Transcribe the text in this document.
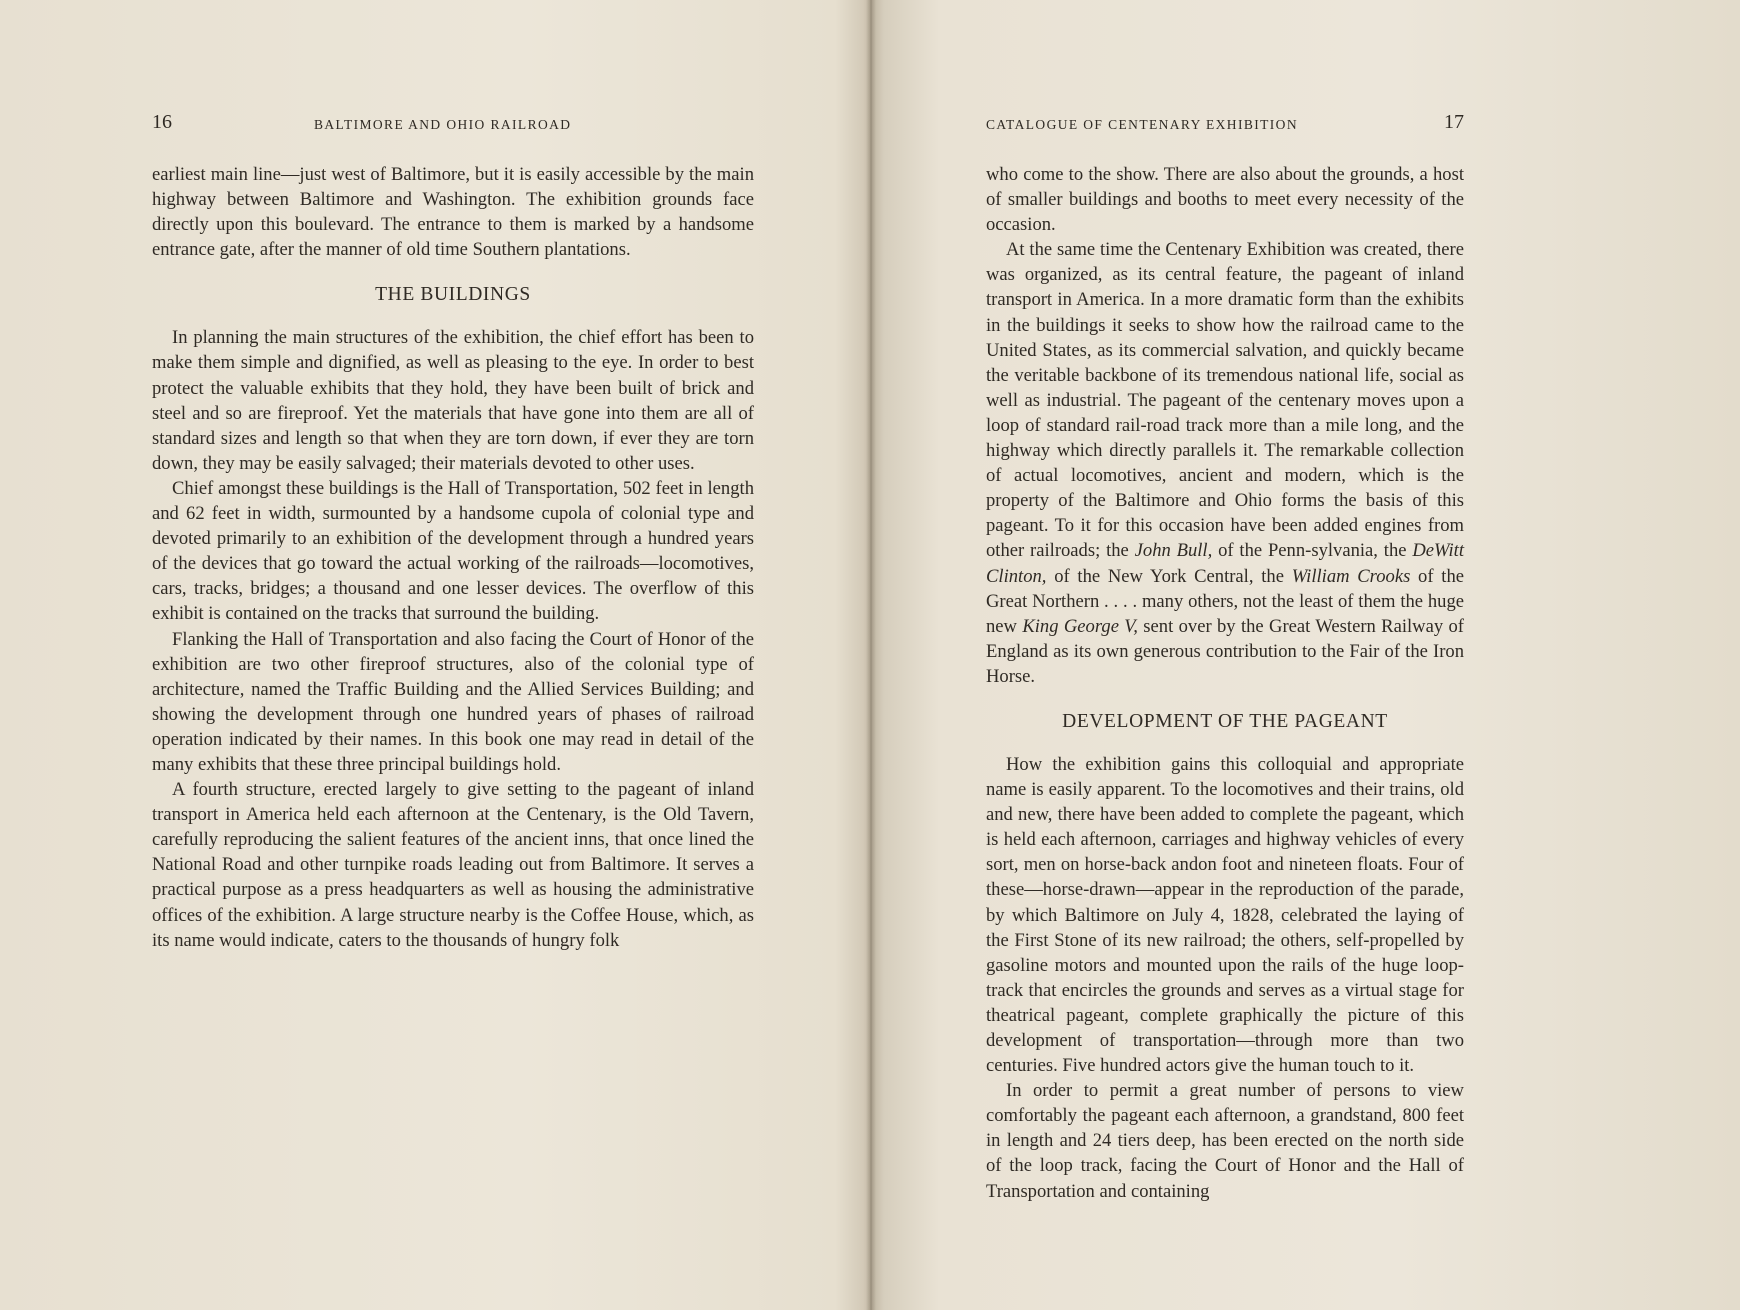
16	BALTIMORE AND OHIO RAILROAD

earliest main line—just west of Baltimore, but it is easily accessible by the main highway between Baltimore and Washington. The exhibition grounds face directly upon this boulevard. The entrance to them is marked by a handsome entrance gate, after the manner of old time Southern plantations.

THE BUILDINGS

In planning the main structures of the exhibition, the chief effort has been to make them simple and dignified, as well as pleasing to the eye. In order to best protect the valuable exhibits that they hold, they have been built of brick and steel and so are fireproof. Yet the materials that have gone into them are all of standard sizes and length so that when they are torn down, if ever they are torn down, they may be easily salvaged; their materials devoted to other uses.

Chief amongst these buildings is the Hall of Transportation, 502 feet in length and 62 feet in width, surmounted by a handsome cupola of colonial type and devoted primarily to an exhibition of the development through a hundred years of the devices that go toward the actual working of the railroads—locomotives, cars, tracks, bridges; a thousand and one lesser devices. The overflow of this exhibit is contained on the tracks that surround the building.

Flanking the Hall of Transportation and also facing the Court of Honor of the exhibition are two other fireproof structures, also of the colonial type of architecture, named the Traffic Building and the Allied Services Building; and showing the development through one hundred years of phases of railroad operation indicated by their names. In this book one may read in detail of the many exhibits that these three principal buildings hold.

A fourth structure, erected largely to give setting to the pageant of inland transport in America held each afternoon at the Centenary, is the Old Tavern, carefully reproducing the salient features of the ancient inns, that once lined the National Road and other turnpike roads leading out from Baltimore. It serves a practical purpose as a press headquarters as well as housing the administrative offices of the exhibition. A large structure nearby is the Coffee House, which, as its name would indicate, caters to the thousands of hungry folk

CATALOGUE OF CENTENARY EXHIBITION	17

who come to the show. There are also about the grounds, a host of smaller buildings and booths to meet every necessity of the occasion.

At the same time the Centenary Exhibition was created, there was organized, as its central feature, the pageant of inland transport in America. In a more dramatic form than the exhibits in the buildings it seeks to show how the railroad came to the United States, as its commercial salvation, and quickly became the veritable backbone of its tremendous national life, social as well as industrial. The pageant of the centenary moves upon a loop of standard rail-road track more than a mile long, and the highway which directly parallels it. The remarkable collection of actual locomotives, ancient and modern, which is the property of the Baltimore and Ohio forms the basis of this pageant. To it for this occasion have been added engines from other railroads; the John Bull, of the Penn-sylvania, the DeWitt Clinton, of the New York Central, the William Crooks of the Great Northern . . . . many others, not the least of them the huge new King George V, sent over by the Great Western Railway of England as its own generous contribution to the Fair of the Iron Horse.

DEVELOPMENT OF THE PAGEANT

How the exhibition gains this colloquial and appropriate name is easily apparent. To the locomotives and their trains, old and new, there have been added to complete the pageant, which is held each afternoon, carriages and highway vehicles of every sort, men on horse-back andon foot and nineteen floats. Four of these—horse-drawn—appear in the reproduction of the parade, by which Baltimore on July 4, 1828, celebrated the laying of the First Stone of its new railroad; the others, self-propelled by gasoline motors and mounted upon the rails of the huge loop-track that encircles the grounds and serves as a virtual stage for theatrical pageant, complete graphically the picture of this development of transportation—through more than two centuries. Five hundred actors give the human touch to it.

In order to permit a great number of persons to view comfortably the pageant each afternoon, a grandstand, 800 feet in length and 24 tiers deep, has been erected on the north side of the loop track, facing the Court of Honor and the Hall of Transportation and containing
